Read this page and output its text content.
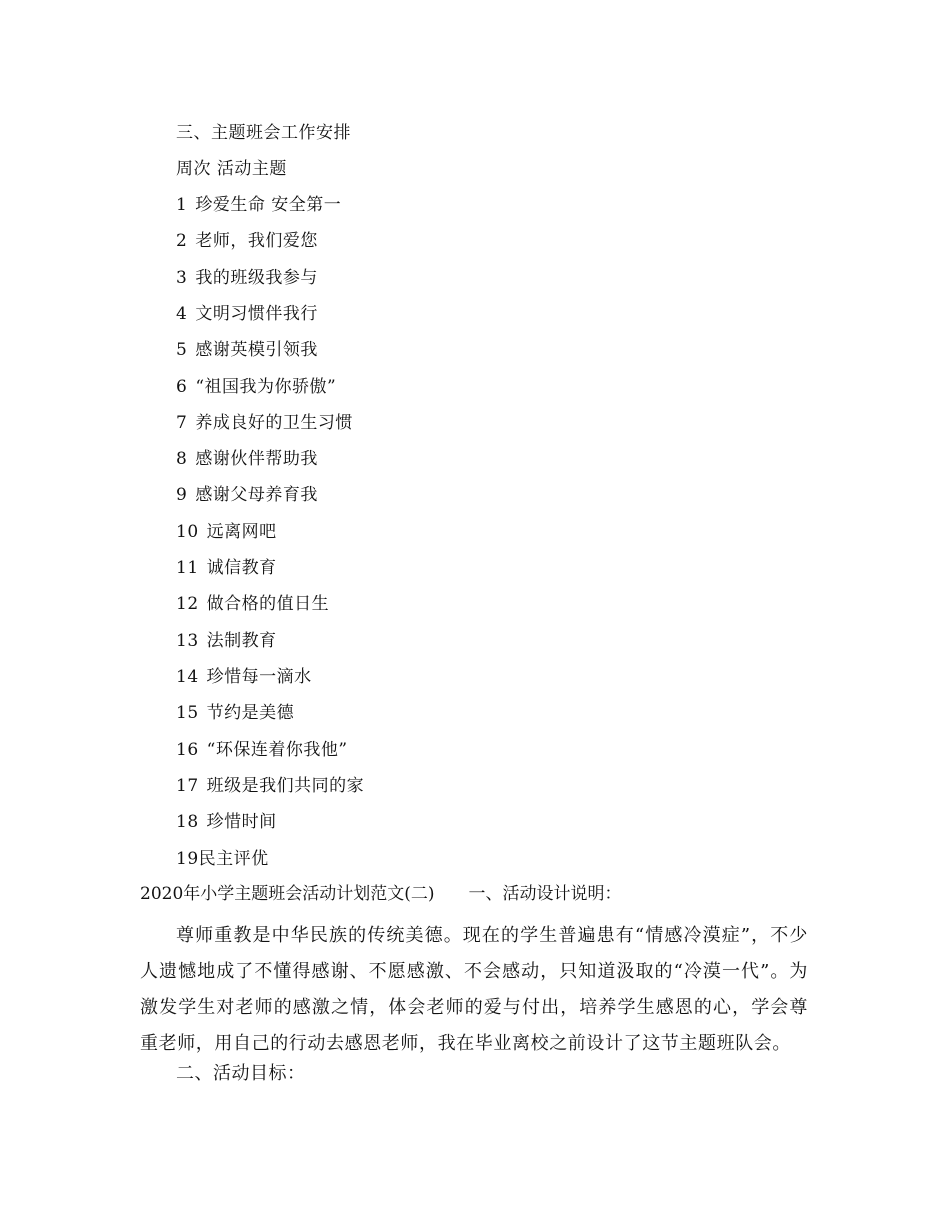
三、主题班会工作安排
周次 活动主题
1 珍爱生命 安全第一
2 老师，我们爱您
3 我的班级我参与
4 文明习惯伴我行
5 感谢英模引领我
6 “祖国我为你骄傲”
7 养成良好的卫生习惯
8 感谢伙伴帮助我
9 感谢父母养育我
10 远离网吧
11 诚信教育
12 做合格的值日生
13 法制教育
14 珍惜每一滴水
15 节约是美德
16 “环保连着你我他”
17 班级是我们共同的家
18 珍惜时间
19民主评优
2020年小学主题班会活动计划范文(二) 一、活动设计说明：
尊师重教是中华民族的传统美德。现在的学生普遍患有“情感冷漠症”，不少人遗憾地成了不懂得感谢、不愿感激、不会感动，只知道汲取的“冷漠一代”。为激发学生对老师的感激之情，体会老师的爱与付出，培养学生感恩的心，学会尊重老师，用自己的行动去感恩老师，我在毕业离校之前设计了这节主题班队会。
二、活动目标：
